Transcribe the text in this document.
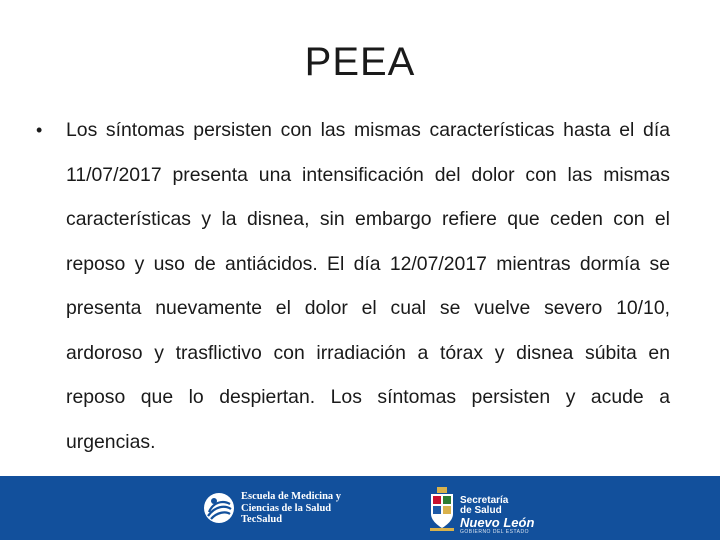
PEEA
• Los síntomas persisten con las mismas características hasta el día 11/07/2017 presenta una intensificación del dolor con las mismas características y la disnea, sin embargo refiere que ceden con el reposo y uso de antiácidos. El día 12/07/2017 mientras dormía se presenta nuevamente el dolor el cual se vuelve severo 10/10, ardoroso y trasflictivo con irradiación a tórax y disnea súbita en reposo que lo despiertan. Los síntomas persisten y acude a urgencias.

Escuela de Medicina y
Ciencias de la Salud
TecSalud
Secretaría
de Salud
Nuevo León
GOBIERNO DEL ESTADO
